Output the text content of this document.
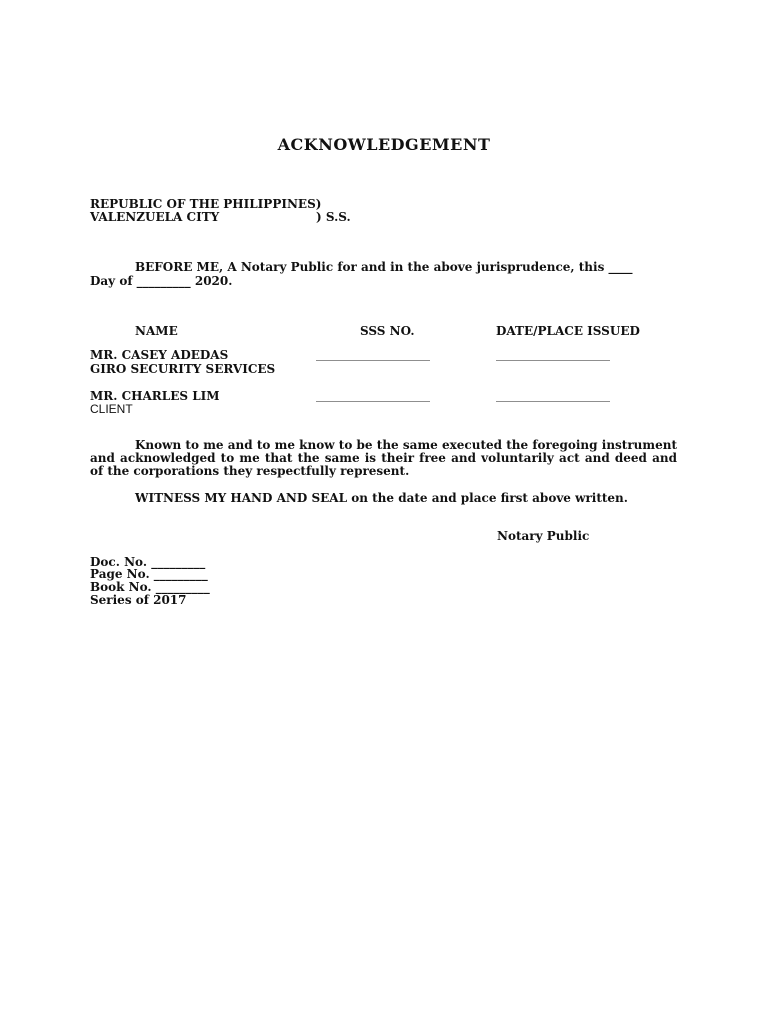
ACKNOWLEDGEMENT
REPUBLIC OF THE PHILIPPINES)
VALENZUELA CITY	) S.S.
BEFORE ME, A Notary Public for and in the above jurisprudence, this ____
Day of _________ 2020.
NAME	SSS NO.	DATE/PLACE ISSUED
MR. CASEY ADEDAS	___________________	___________________
GIRO SECURITY SERVICES
MR. CHARLES LIM	___________________	___________________
CLIENT
Known to me and to me know to be the same executed the foregoing instrument and acknowledged to me that the same is their free and voluntarily act and deed and of the corporations they respectfully represent.
WITNESS MY HAND AND SEAL on the date and place first above written.
Notary Public
Doc. No. _________
Page No. _________
Book No. _________
Series of 2017
